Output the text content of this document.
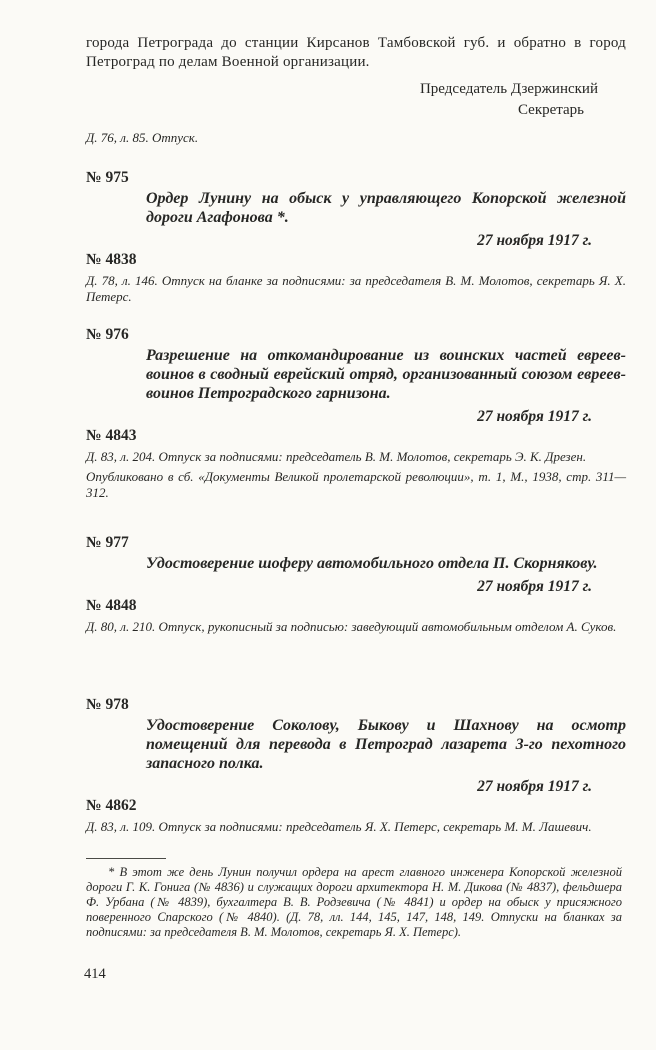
города Петрограда до станции Кирсанов Тамбовской губ. и обратно в город Петроград по делам Военной организации.

Председатель Дзержинский

Секретарь

Д. 76, л. 85. Отпуск.

№ 975

Ордер Лунину на обыск у управляющего Копорской железной дороги Агафонова *.

27 ноября 1917 г.

№ 4838

Д. 78, л. 146. Отпуск на бланке за подписями: за председателя В. М. Молотов, секретарь Я. Х. Петерс.

№ 976

Разрешение на откомандирование из воинских частей евреев-воинов в сводный еврейский отряд, организованный союзом евреев-воинов Петроградского гарнизона.

27 ноября 1917 г.

№ 4843

Д. 83, л. 204. Отпуск за подписями: председатель В. М. Молотов, секретарь Э. К. Дрезен.

Опубликовано в сб. «Документы Великой пролетарской революции», т. 1, М., 1938, стр. 311—312.

№ 977

Удостоверение шоферу автомобильного отдела П. Скорнякову.

27 ноября 1917 г.

№ 4848

Д. 80, л. 210. Отпуск, рукописный за подписью: заведующий автомобильным отделом А. Суков.

№ 978

Удостоверение Соколову, Быкову и Шахнову на осмотр помещений для перевода в Петроград лазарета 3-го пехотного запасного полка.

27 ноября 1917 г.

№ 4862

Д. 83, л. 109. Отпуск за подписями: председатель Я. Х. Петерс, секретарь М. М. Лашевич.

* В этот же день Лунин получил ордера на арест главного инженера Копорской железной дороги Г. К. Гонига (№ 4836) и служащих дороги архитектора Н. М. Дикова (№ 4837), фельдшера Ф. Урбана (№ 4839), бухгалтера В. В. Родзевича (№ 4841) и ордер на обыск у присяжного поверенного Спарского (№ 4840). (Д. 78, лл. 144, 145, 147, 148, 149. Отпуски на бланках за подписями: за председателя В. М. Молотов, секретарь Я. Х. Петерс).

414
